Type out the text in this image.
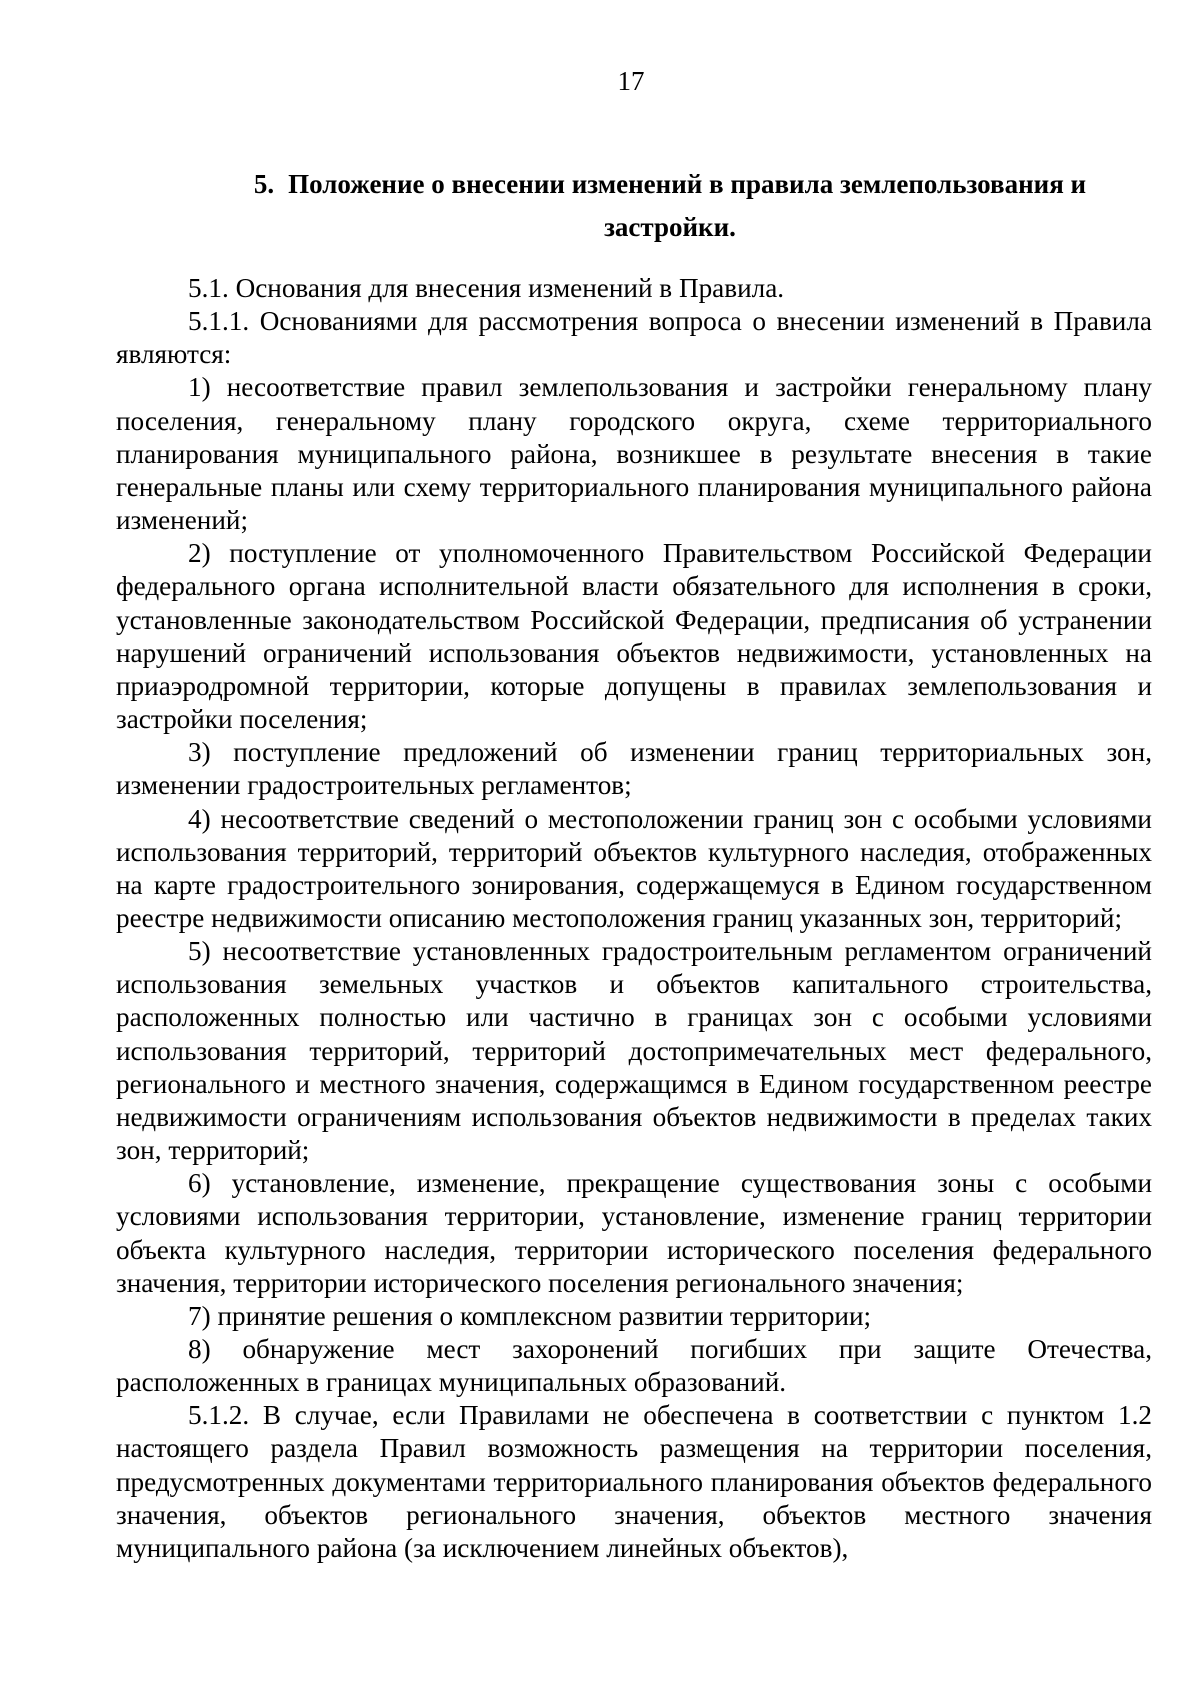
17
5. Положение о внесении изменений в правила землепользования и застройки.

5.1. Основания для внесения изменений в Правила.

5.1.1. Основаниями для рассмотрения вопроса о внесении изменений в Правила являются:

1) несоответствие правил землепользования и застройки генеральному плану поселения, генеральному плану городского округа, схеме территориального планирования муниципального района, возникшее в результате внесения в такие генеральные планы или схему территориального планирования муниципального района изменений;

2) поступление от уполномоченного Правительством Российской Федерации федерального органа исполнительной власти обязательного для исполнения в сроки, установленные законодательством Российской Федерации, предписания об устранении нарушений ограничений использования объектов недвижимости, установленных на приаэродромной территории, которые допущены в правилах землепользования и застройки поселения;

3) поступление предложений об изменении границ территориальных зон, изменении градостроительных регламентов;

4) несоответствие сведений о местоположении границ зон с особыми условиями использования территорий, территорий объектов культурного наследия, отображенных на карте градостроительного зонирования, содержащемуся в Едином государственном реестре недвижимости описанию местоположения границ указанных зон, территорий;

5) несоответствие установленных градостроительным регламентом ограничений использования земельных участков и объектов капитального строительства, расположенных полностью или частично в границах зон с особыми условиями использования территорий, территорий достопримечательных мест федерального, регионального и местного значения, содержащимся в Едином государственном реестре недвижимости ограничениям использования объектов недвижимости в пределах таких зон, территорий;

6) установление, изменение, прекращение существования зоны с особыми условиями использования территории, установление, изменение границ территории объекта культурного наследия, территории исторического поселения федерального значения, территории исторического поселения регионального значения;

7) принятие решения о комплексном развитии территории;

8) обнаружение мест захоронений погибших при защите Отечества, расположенных в границах муниципальных образований.

5.1.2. В случае, если Правилами не обеспечена в соответствии с пунктом 1.2 настоящего раздела Правил возможность размещения на территории поселения, предусмотренных документами территориального планирования объектов федерального значения, объектов регионального значения, объектов местного значения муниципального района (за исключением линейных объектов),
